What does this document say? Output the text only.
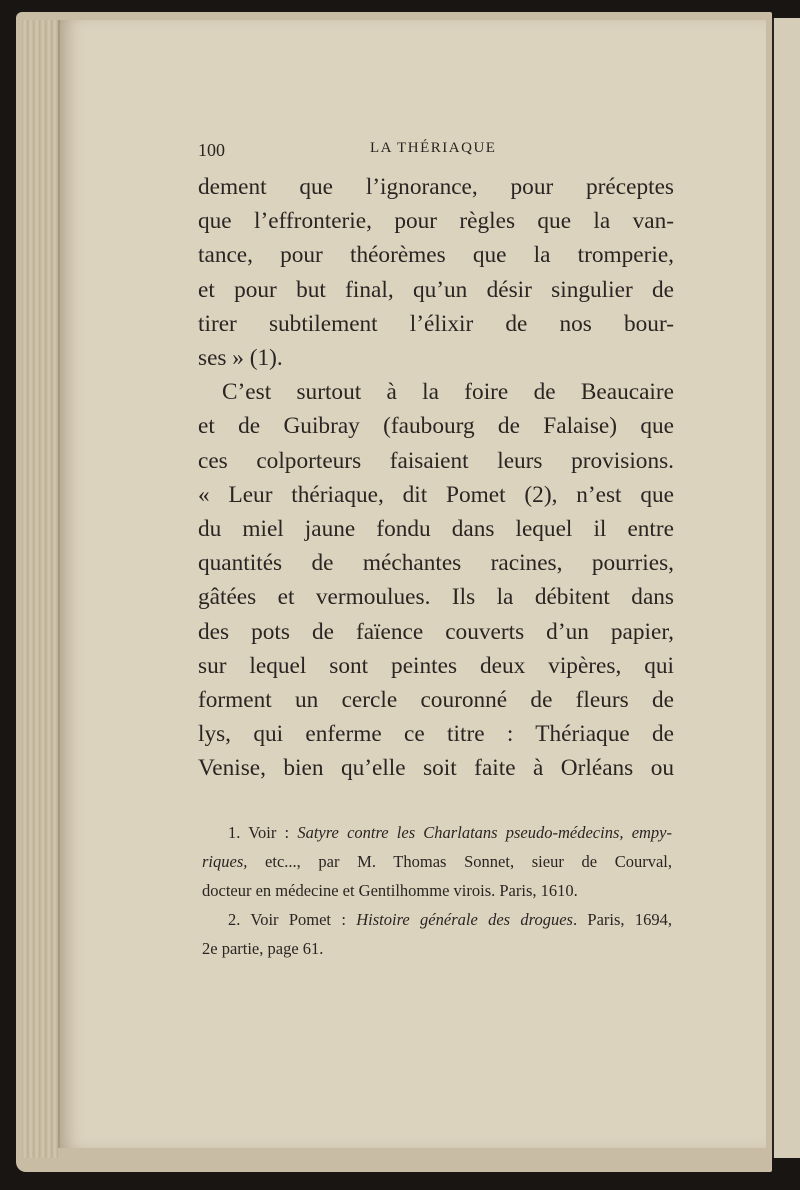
100	LA THÉRIAQUE
dement que l’ignorance, pour préceptes
que l’effronterie, pour règles que la van-
tance, pour théorèmes que la tromperie,
et pour but final, qu’un désir singulier de
tirer subtilement l’élixir de nos bour-
ses » (1).
C’est surtout à la foire de Beaucaire
et de Guibray (faubourg de Falaise) que
ces colporteurs faisaient leurs provisions.
« Leur thériaque, dit Pomet (2), n’est que
du miel jaune fondu dans lequel il entre
quantités de méchantes racines, pourries,
gâtées et vermoulues. Ils la débitent dans
des pots de faïence couverts d’un papier,
sur lequel sont peintes deux vipères, qui
forment un cercle couronné de fleurs de
lys, qui enferme ce titre : Thériaque de
Venise, bien qu’elle soit faite à Orléans ou
1. Voir : Satyre contre les Charlatans pseudo-médecins, empy-
riques, etc..., par M. Thomas Sonnet, sieur de Courval,
docteur en médecine et Gentilhomme virois. Paris, 1610.
2. Voir Pomet : Histoire générale des drogues. Paris, 1694,
2e partie, page 61.
